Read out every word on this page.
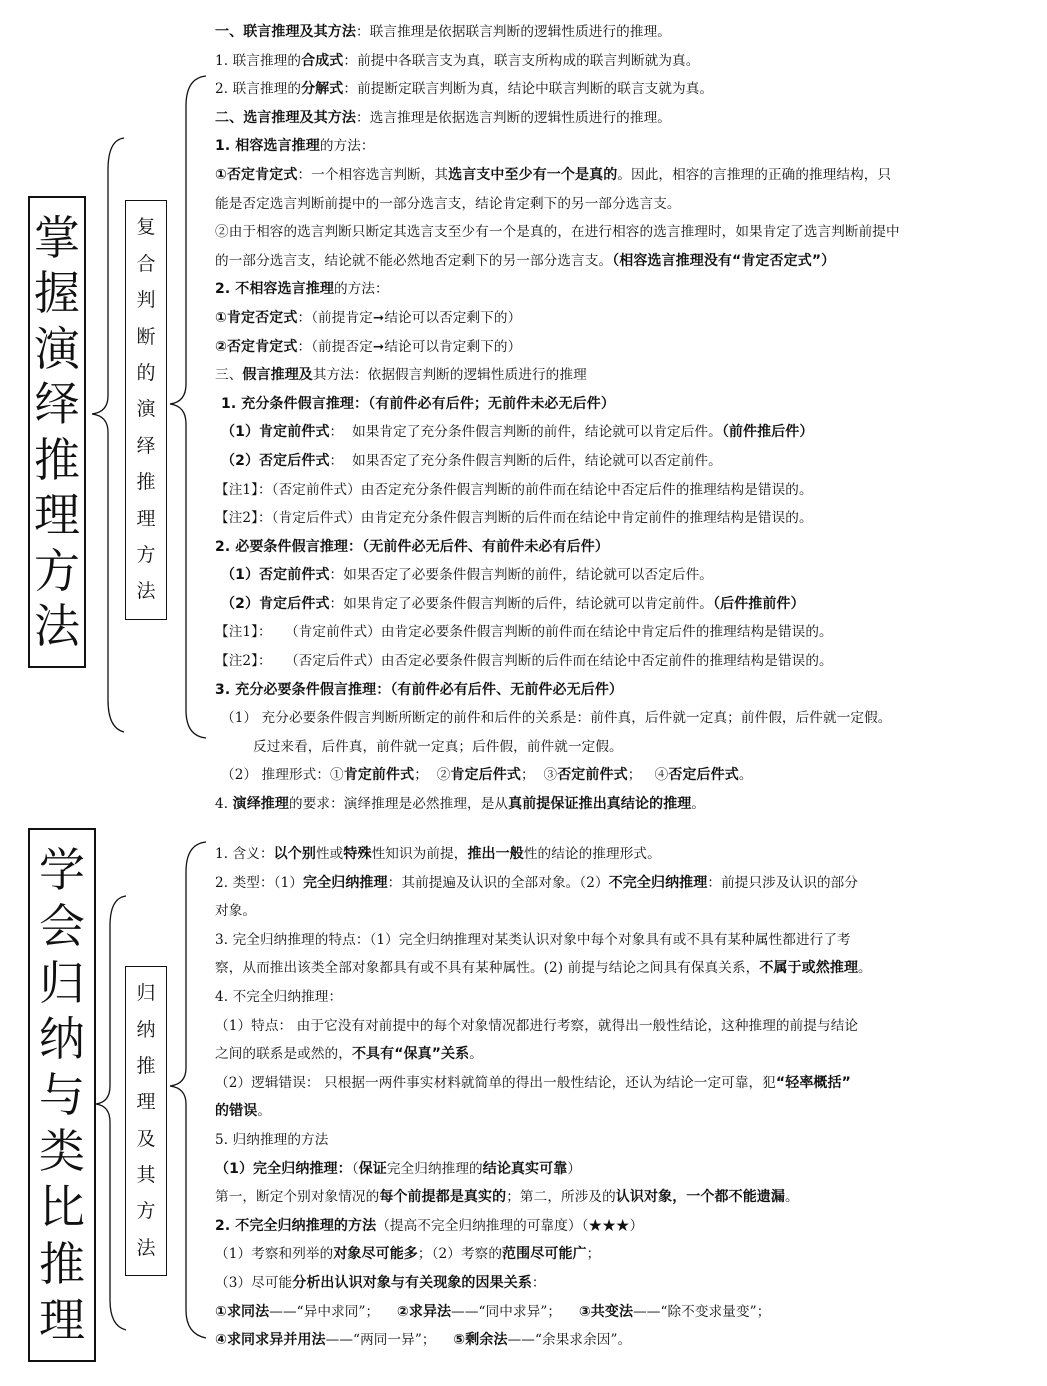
掌
握
演
绎
推
理
方
法
复
合
判
断
的
演
绎
推
理
方
法
学
会
归
纳
与
类
比
推
理
归
纳
推
理
及
其
方
法
一、联言推理及其方法：联言推理是依据联言判断的逻辑性质进行的推理。
1. 联言推理的合成式：前提中各联言支为真，联言支所构成的联言判断就为真。
2. 联言推理的分解式：前提断定联言判断为真，结论中联言判断的联言支就为真。
二、选言推理及其方法：选言推理是依据选言判断的逻辑性质进行的推理。
1. 相容选言推理的方法：
①否定肯定式：一个相容选言判断，其选言支中至少有一个是真的。因此，相容的言推理的正确的推理结构，只
能是否定选言判断前提中的一部分选言支，结论肯定剩下的另一部分选言支。
②由于相容的选言判断只断定其选言支至少有一个是真的，在进行相容的选言推理时，如果肯定了选言判断前提中
的一部分选言支，结论就不能必然地否定剩下的另一部分选言支。（相容选言推理没有“肯定否定式”）
2. 不相容选言推理的方法：
①肯定否定式：（前提肯定➞结论可以否定剩下的）
②否定肯定式：（前提否定➞结论可以肯定剩下的）
三、假言推理及其方法：依据假言判断的逻辑性质进行的推理
1. 充分条件假言推理：（有前件必有后件；无前件未必无后件）
（1）肯定前件式：  如果肯定了充分条件假言判断的前件，结论就可以肯定后件。（前件推后件）
（2）否定后件式：  如果否定了充分条件假言判断的后件，结论就可以否定前件。
【注1】：（否定前件式）由否定充分条件假言判断的前件而在结论中否定后件的推理结构是错误的。
【注2】：（肯定后件式）由肯定充分条件假言判断的后件而在结论中肯定前件的推理结构是错误的。
2. 必要条件假言推理：（无前件必无后件、有前件未必有后件）
（1）否定前件式：如果否定了必要条件假言判断的前件，结论就可以否定后件。
（2）肯定后件式：如果肯定了必要条件假言判断的后件，结论就可以肯定前件。（后件推前件）
【注1】：   （肯定前件式）由肯定必要条件假言判断的前件而在结论中肯定后件的推理结构是错误的。
【注2】：   （否定后件式）由否定必要条件假言判断的后件而在结论中否定前件的推理结构是错误的。
3. 充分必要条件假言推理：（有前件必有后件、无前件必无后件）
（1） 充分必要条件假言判断所断定的前件和后件的关系是：前件真，后件就一定真；前件假，后件就一定假。
反过来看，后件真，前件就一定真；后件假，前件就一定假。
（2） 推理形式：①肯定前件式；  ②肯定后件式；  ③否定前件式；   ④否定后件式。
4. 演绎推理的要求：演绎推理是必然推理，是从真前提保证推出真结论的推理。
1. 含义：以个别性或特殊性知识为前提，推出一般性的结论的推理形式。
2. 类型：（1）完全归纳推理：其前提遍及认识的全部对象。（2）不完全归纳推理：前提只涉及认识的部分
对象。
3. 完全归纳推理的特点：（1）完全归纳推理对某类认识对象中每个对象具有或不具有某种属性都进行了考
察，从而推出该类全部对象都具有或不具有某种属性。(2) 前提与结论之间具有保真关系，不属于或然推理。
4. 不完全归纳推理：
（1）特点： 由于它没有对前提中的每个对象情况都进行考察，就得出一般性结论，这种推理的前提与结论
之间的联系是或然的，不具有“保真”关系。
（2）逻辑错误： 只根据一两件事实材料就简单的得出一般性结论，还认为结论一定可靠，犯“轻率概括”
的错误。
5. 归纳推理的方法
（1）完全归纳推理：（保证完全归纳推理的结论真实可靠）
第一，断定个别对象情况的每个前提都是真实的；第二，所涉及的认识对象，一个都不能遗漏。
2. 不完全归纳推理的方法（提高不完全归纳推理的可靠度）（★★★）
（1）考察和列举的对象尽可能多；（2）考察的范围尽可能广；
（3）尽可能分析出认识对象与有关现象的因果关系：
①求同法——“异中求同”；    ②求异法——“同中求异”；    ③共变法——“除不变求量变”；
④求同求异并用法——“两同一异”；    ⑤剩余法——“余果求余因”。
